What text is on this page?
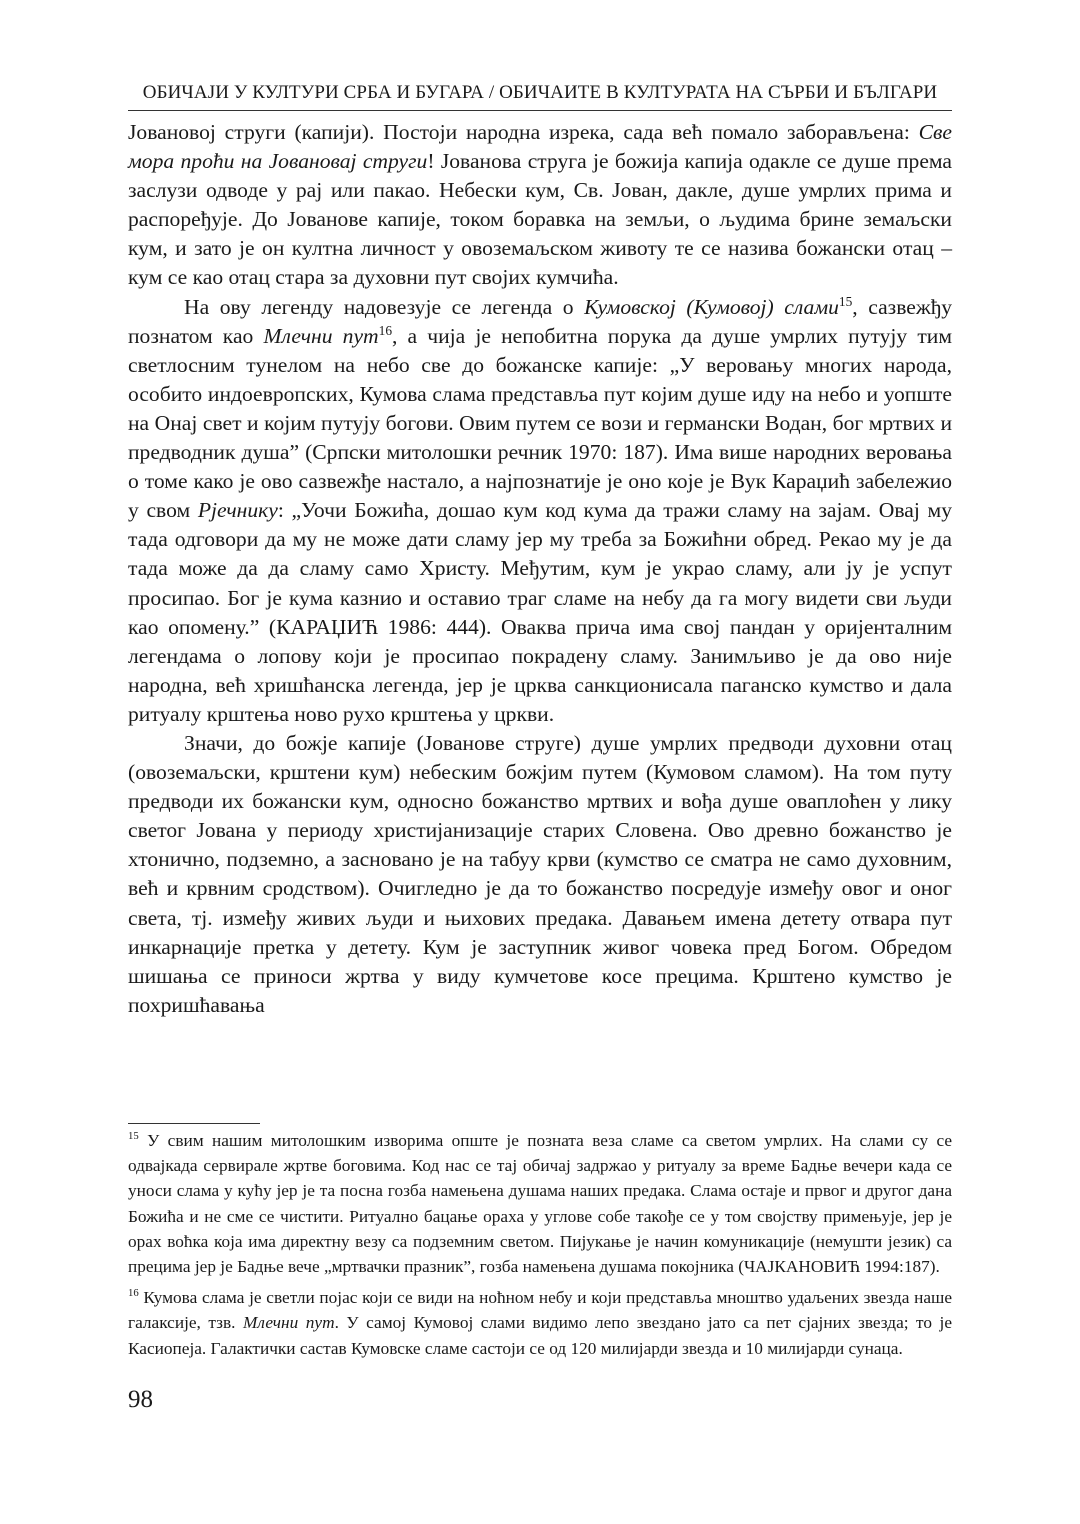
ОБИЧАЈИ У КУЛТУРИ СРБА И БУГАРА / ОБИЧАИТЕ В КУЛТУРАТА НА СЪРБИ И БЪЛГАРИ

Јовановој струги (капији). Постоји народна изрека, сада већ помало заборављена: Све мора проћи на Јовановај струги! Јованова струга је божија капија одакле се душе према заслузи одводе у рај или пакао. Небески кум, Св. Јован, дакле, душе умрлих прима и распоређује. До Јованове капије, током боравка на земљи, о људима брине земаљски кум, и зато је он култна личност у овоземаљском животу те се назива божански отац – кум се као отац стара за духовни пут својих кумчића.

На ову легенду надовезује се легенда о Кумовској (Кумовој) слами$^{15}$, сазвежђу познатом као Млечни пут$^{16}$, а чија је непобитна порука да душе умрлих путују тим светлосним тунелом на небо све до божанске капије: „У веровању многих народа, особито индоевропских, Кумова слама представља пут којим душе иду на небо и уопште на Онај свет и којим путују богови. Овим путем се вози и германски Водан, бог мртвих и предводник душа” (Српски митолошки речник 1970: 187). Има више народних веровања о томе како је ово сазвежђе настало, а најпознатије је оно које је Вук Караџић забележио у свом Рјечнику: „Уочи Божића, дошао кум код кума да тражи сламу на зајам. Овај му тада одговори да му не може дати сламу јер му треба за Божићни обред. Рекао му је да тада може да да сламу само Христу. Међутим, кум је украо сламу, али ју је успут просипао. Бог је кума казнио и оставио траг сламе на небу да га могу видети сви људи као опомену.” (КАРАЏИЋ 1986: 444). Оваква прича има свој пандан у оријенталним легендама о лопову који је просипао покрадену сламу. Занимљиво је да ово није народна, већ хришћанска легенда, јер је црква санкционисала паганско кумство и дала ритуалу крштења ново рухо крштења у цркви.

Значи, до божје капије (Јованове струге) душе умрлих предводи духовни отац (овоземаљски, крштени кум) небеским божјим путем (Кумовом сламом). На том путу предводи их божански кум, односно божанство мртвих и вођа душе оваплоћен у лику светог Јована у периоду христијанизације старих Словена. Ово древно божанство је хтонично, подземно, а засновано је на табуу крви (кумство се сматра не само духовним, већ и крвним сродством). Очигледно је да то божанство посредује између овог и оног света, тј. између живих људи и њихових предака. Давањем имена детету отвара пут инкарнације претка у детету. Кум је заступник живог човека пред Богом. Обредом шишања се приноси жртва у виду кумчетове косе прецима. Крштено кумство је похришћавања

$^{15}$ У свим нашим митолошким изворима опште је позната веза сламе са светом умрлих. На слами су се одвајкада сервирале жртве боговима. Код нас се тај обичај задржао у ритуалу за време Бадње вечери када се уноси слама у кућу јер је та посна гозба намењена душама наших предака. Слама остаје и првог и другог дана Божића и не сме се чистити. Ритуално бацање ораха у углове собе такође се у том својству примењује, јер је орах воћка која има директну везу са подземним светом. Пијукање је начин комуникације (немушти језик) са прецима јер је Бадње вече „мртвачки празник”, гозба намењена душама покојника (ЧАЈКАНОВИЋ 1994:187).

$^{16}$ Кумова слама је светли појас који се види на ноћном небу и који представља мноштво удаљених звезда наше галаксије, тзв. Млечни пут. У самој Кумовој слами видимо лепо звездано јато са пет сјајних звезда; то је Касиопеја. Галактички састав Кумовске сламе састоји се од 120 милијарди звезда и 10 милијарди сунаца.

98
